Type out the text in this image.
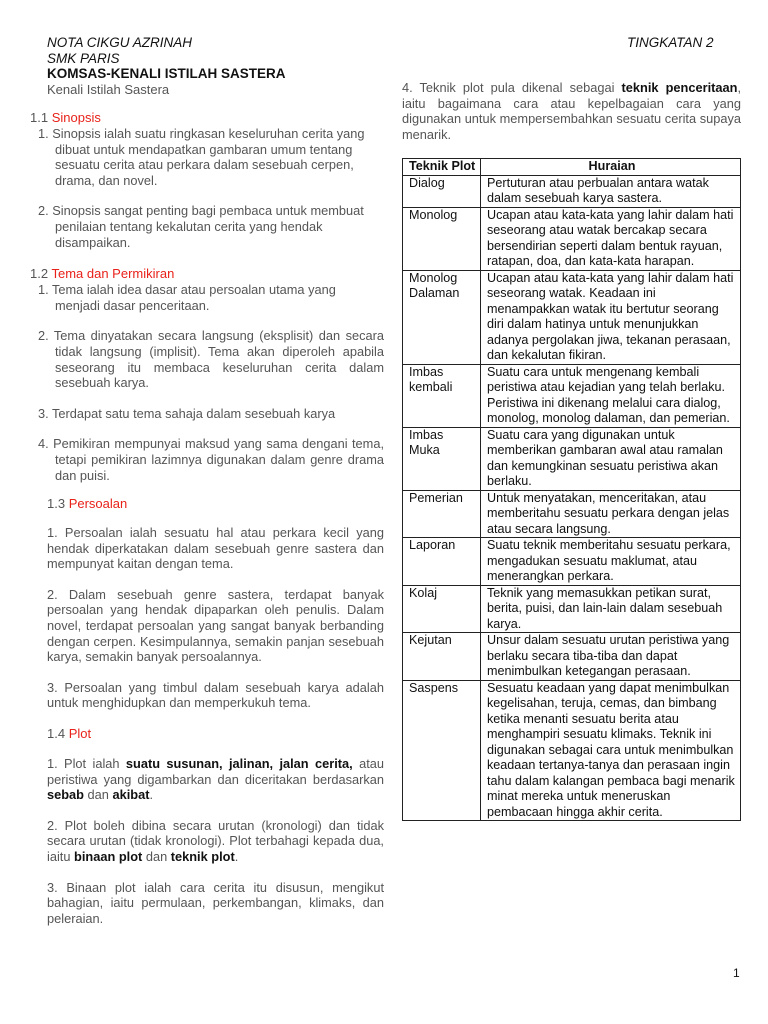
NOTA CIKGU AZRINAH
SMK PARIS
KOMSAS-KENALI ISTILAH SASTERA
Kenali Istilah Sastera
TINGKATAN 2
1.1 Sinopsis

1. Sinopsis ialah suatu ringkasan keseluruhan cerita yang dibuat untuk mendapatkan gambaran umum tentang sesuatu cerita atau perkara dalam sesebuah cerpen, drama, dan novel.

2. Sinopsis sangat penting bagi pembaca untuk membuat penilaian tentang kekalutan cerita yang hendak disampaikan.

1.2 Tema dan Permikiran

1. Tema ialah idea dasar atau persoalan utama yang menjadi dasar penceritaan.

2. Tema dinyatakan secara langsung (eksplisit) dan secara tidak langsung (implisit). Tema akan diperoleh apabila seseorang itu membaca keseluruhan cerita dalam sesebuah karya.

3. Terdapat satu tema sahaja dalam sesebuah karya

4. Pemikiran mempunyai maksud yang sama dengani tema, tetapi pemikiran lazimnya digunakan dalam genre drama dan puisi.

1.3 Persoalan

1. Persoalan ialah sesuatu hal atau perkara kecil yang hendak diperkatakan dalam sesebuah genre sastera dan mempunyat kaitan dengan tema.

2. Dalam sesebuah genre sastera, terdapat banyak persoalan yang hendak dipaparkan oleh penulis. Dalam novel, terdapat persoalan yang sangat banyak berbanding dengan cerpen. Kesimpulannya, semakin panjan sesebuah karya, semakin banyak persoalannya.

3. Persoalan yang timbul dalam sesebuah karya adalah untuk menghidupkan dan memperkukuh tema.

1.4 Plot

1. Plot ialah suatu susunan, jalinan, jalan cerita, atau peristiwa yang digambarkan dan diceritakan berdasarkan sebab dan akibat.

2. Plot boleh dibina secara urutan (kronologi) dan tidak secara urutan (tidak kronologi). Plot terbahagi kepada dua, iaitu binaan plot dan teknik plot.

3. Binaan plot ialah cara cerita itu disusun, mengikut bahagian, iaitu permulaan, perkembangan, klimaks, dan peleraian.

4. Teknik plot pula dikenal sebagai teknik penceritaan, iaitu bagaimana cara atau kepelbagaian cara yang digunakan untuk mempersembahkan sesuatu cerita supaya menarik.

Teknik Plot	Huraian
Dialog	Pertuturan atau perbualan antara watak dalam sesebuah karya sastera.
Monolog	Ucapan atau kata-kata yang lahir dalam hati seseorang atau watak bercakap secara bersendirian seperti dalam bentuk rayuan, ratapan, doa, dan kata-kata harapan.
Monolog Dalaman	Ucapan atau kata-kata yang lahir dalam hati seseorang watak. Keadaan ini menampakkan watak itu bertutur seorang diri dalam hatinya untuk menunjukkan adanya pergolakan jiwa, tekanan perasaan, dan kekalutan fikiran.
Imbas kembali	Suatu cara untuk mengenang kembali peristiwa atau kejadian yang telah berlaku. Peristiwa ini dikenang melalui cara dialog, monolog, monolog dalaman, dan pemerian.
Imbas Muka	Suatu cara yang digunakan untuk memberikan gambaran awal atau ramalan dan kemungkinan sesuatu peristiwa akan berlaku.
Pemerian	Untuk menyatakan, menceritakan, atau memberitahu sesuatu perkara dengan jelas atau secara langsung.
Laporan	Suatu teknik memberitahu sesuatu perkara, mengadukan sesuatu maklumat, atau menerangkan perkara.
Kolaj	Teknik yang memasukkan petikan surat, berita, puisi, dan lain-lain dalam sesebuah karya.
Kejutan	Unsur dalam sesuatu urutan peristiwa yang berlaku secara tiba-tiba dan dapat menimbulkan ketegangan perasaan.
Saspens	Sesuatu keadaan yang dapat menimbulkan kegelisahan, teruja, cemas, dan bimbang ketika menanti sesuatu berita atau menghampiri sesuatu klimaks. Teknik ini digunakan sebagai cara untuk menimbulkan keadaan tertanya-tanya dan perasaan ingin tahu dalam kalangan pembaca bagi menarik minat mereka untuk meneruskan pembacaan hingga akhir cerita.
1
